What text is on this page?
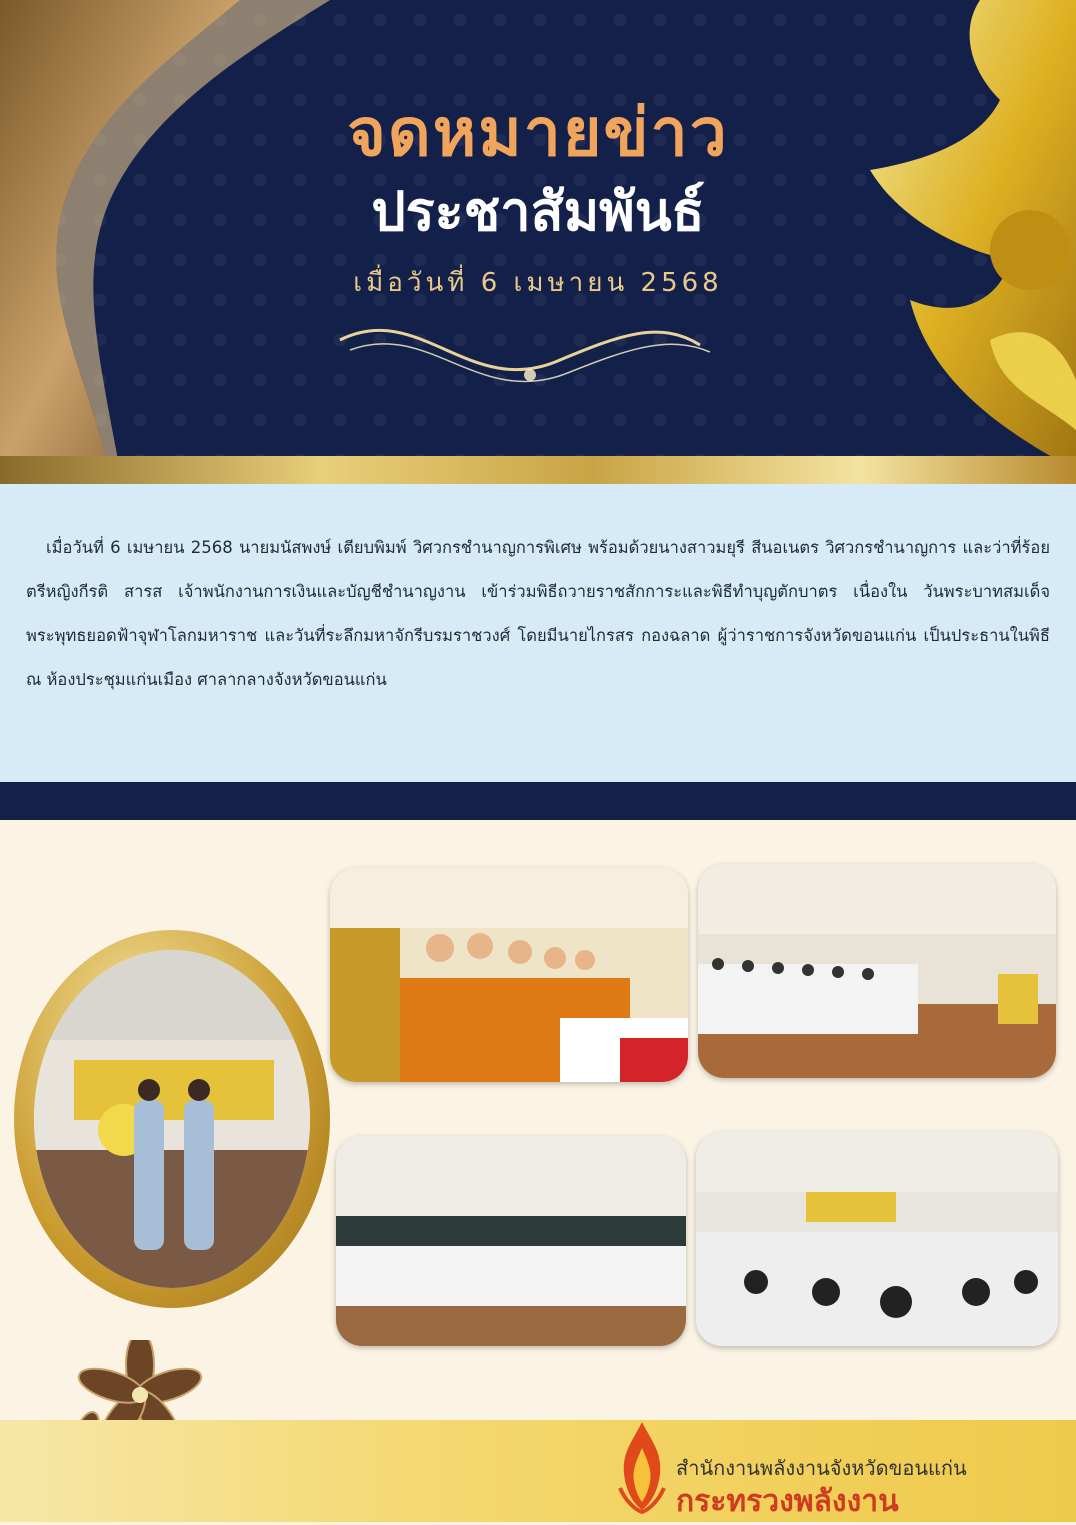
จดหมายข่าว
ประชาสัมพันธ์
เมื่อวันที่ 6 เมษายน 2568

เมื่อวันที่ 6 เมษายน 2568 นายมนัสพงษ์ เตียบพิมพ์ วิศวกรชำนาญการพิเศษ พร้อมด้วยนางสาวมยุรี สีนอเนตร วิศวกรชำนาญการ และว่าที่ร้อยตรีหญิงกีรติ สารส เจ้าพนักงานการเงินและบัญชีชำนาญงาน เข้าร่วมพิธีถวายราชสักการะและพิธีทำบุญตักบาตร เนื่องใน วันพระบาทสมเด็จพระพุทธยอดฟ้าจุฬาโลกมหาราช และวันที่ระลึกมหาจักรีบรมราชวงศ์ โดยมีนายไกรสร กองฉลาด ผู้ว่าราชการจังหวัดขอนแก่น เป็นประธานในพิธี ณ ห้องประชุมแก่นเมือง ศาลากลางจังหวัดขอนแก่น

สำนักงานพลังงานจังหวัดขอนแก่น
กระทรวงพลังงาน
